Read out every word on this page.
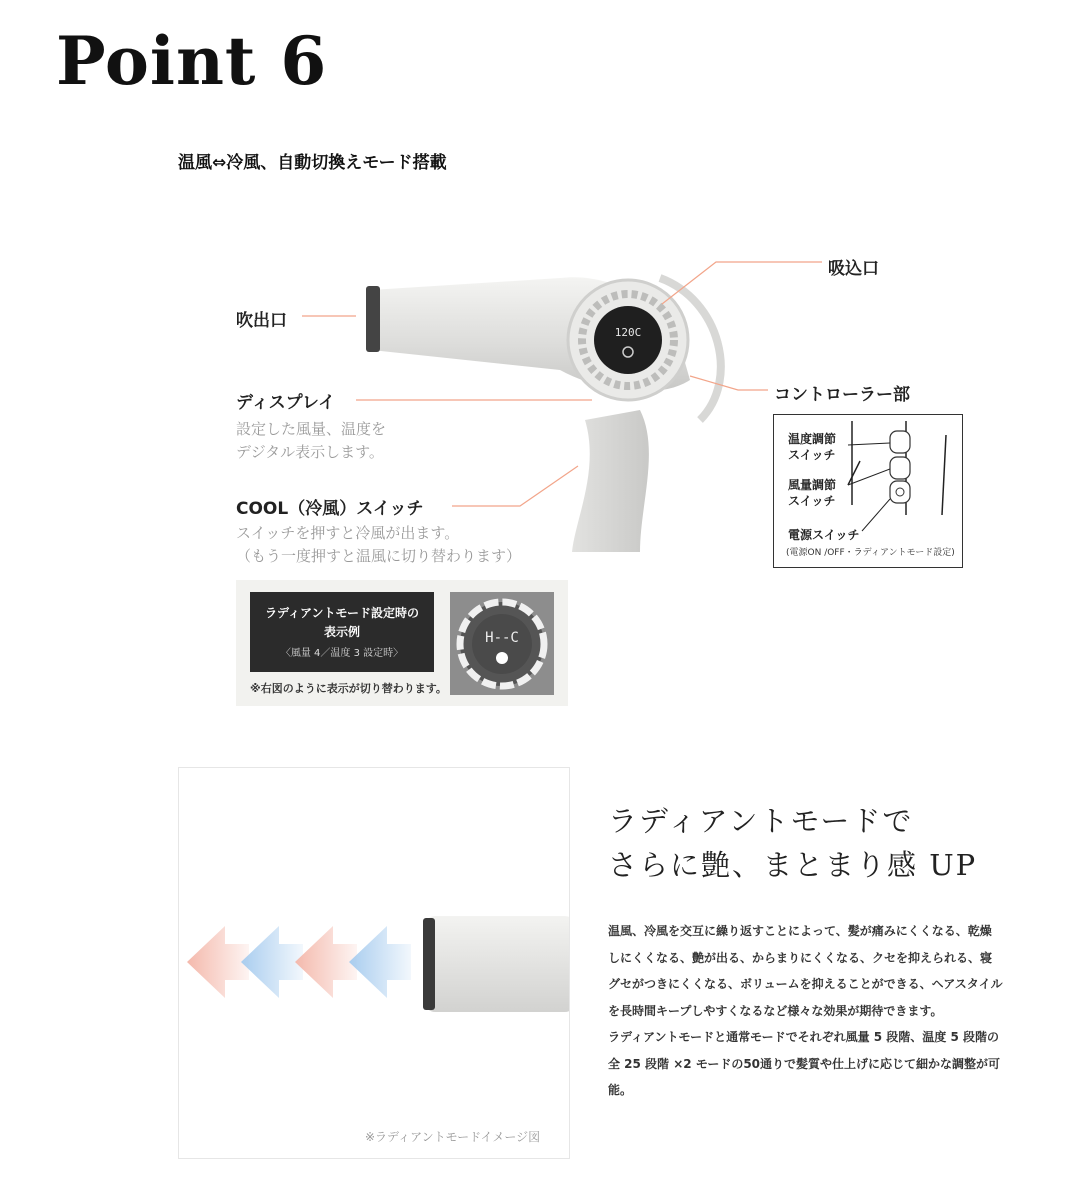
Point 6
温風⇔冷風、自動切換えモード搭載
120C
吹出口
吸込口
ディスプレイ
設定した風量、温度を
デジタル表示します。
COOL（冷風）スイッチ
スイッチを押すと冷風が出ます。
（もう一度押すと温風に切り替わります）
コントローラー部
温度調節
スイッチ
風量調節
スイッチ
電源スイッチ
(電源ON /OFF・ラディアントモード設定)
ラディアントモード設定時の
表示例
〈風量 4／温度 3 設定時〉
※右図のように表示が切り替わります。
H--C
※ラディアントモードイメージ図
ラディアントモードで
さらに艶、まとまり感 UP

温風、冷風を交互に繰り返すことによって、髪が痛みにくくなる、乾燥しにくくなる、艶が出る、からまりにくくなる、クセを抑えられる、寝グセがつきにくくなる、ボリュームを抑えることができる、ヘアスタイルを長時間キープしやすくなるなど様々な効果が期待できます。

ラディアントモードと通常モードでそれぞれ風量 5 段階、温度 5 段階の全 25 段階 ×2 モードの50通りで髪質や仕上げに応じて細かな調整が可能。
